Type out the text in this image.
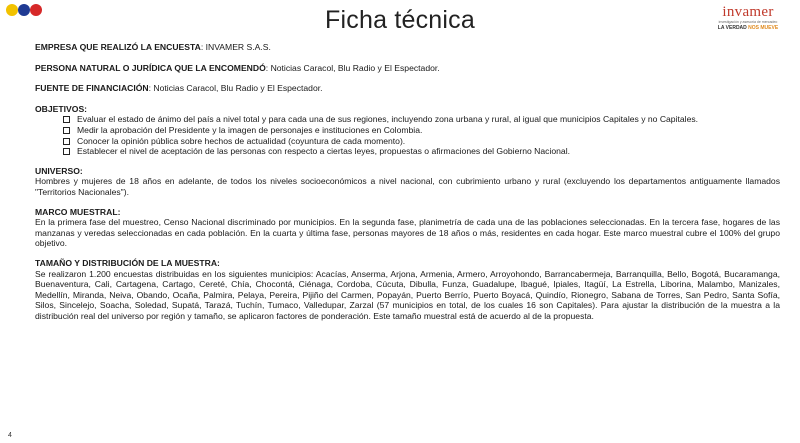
Ficha técnica	invamer
investigación y asesoría de mercadeo
LA VERDAD NOS MUEVE

EMPRESA QUE REALIZÓ LA ENCUESTA: INVAMER S.A.S.

PERSONA NATURAL O JURÍDICA QUE LA ENCOMENDÓ: Noticias Caracol, Blu Radio y El Espectador.

FUENTE DE FINANCIACIÓN: Noticias Caracol, Blu Radio y El Espectador.

OBJETIVOS:

Evaluar el estado de ánimo del país a nivel total y para cada una de sus regiones, incluyendo zona urbana y rural, al igual que municipios Capitales y no Capitales.
Medir la aprobación del Presidente y la imagen de personajes e instituciones en Colombia.
Conocer la opinión pública sobre hechos de actualidad (coyuntura de cada momento).
Establecer el nivel de aceptación de las personas con respecto a ciertas leyes, propuestas o afirmaciones del Gobierno Nacional.

UNIVERSO:

Hombres y mujeres de 18 años en adelante, de todos los niveles socioeconómicos a nivel nacional, con cubrimiento urbano y rural (excluyendo los departamentos antiguamente llamados "Territorios Nacionales").

MARCO MUESTRAL:

En la primera fase del muestreo, Censo Nacional discriminado por municipios. En la segunda fase, planimetría de cada una de las poblaciones seleccionadas. En la tercera fase, hogares de las manzanas y veredas seleccionadas en cada población. En la cuarta y última fase, personas mayores de 18 años o más, residentes en cada hogar. Este marco muestral cubre el 100% del grupo objetivo.

TAMAÑO Y DISTRIBUCIÓN DE LA MUESTRA:

Se realizaron 1.200 encuestas distribuidas en los siguientes municipios: Acacías, Anserma, Arjona, Armenia, Armero, Arroyohondo, Barrancabermeja, Barranquilla, Bello, Bogotá, Bucaramanga, Buenaventura, Cali, Cartagena, Cartago, Cereté, Chía, Chocontá, Ciénaga, Cordoba, Cúcuta, Dibulla, Funza, Guadalupe, Ibagué, Ipiales, Itagüí, La Estrella, Liborina, Malambo, Manizales, Medellín, Miranda, Neiva, Obando, Ocaña, Palmira, Pelaya, Pereira, Pijiño del Carmen, Popayán, Puerto Berrío, Puerto Boyacá, Quindío, Rionegro, Sabana de Torres, San Pedro, Santa Sofía, Silos, Sincelejo, Soacha, Soledad, Supatá, Tarazá, Tuchín, Tumaco, Valledupar, Zarzal (57 municipios en total, de los cuales 16 son Capitales). Para ajustar la distribución de la muestra a la distribución real del universo por región y tamaño, se aplicaron factores de ponderación. Este tamaño muestral está de acuerdo al de la propuesta.

4
